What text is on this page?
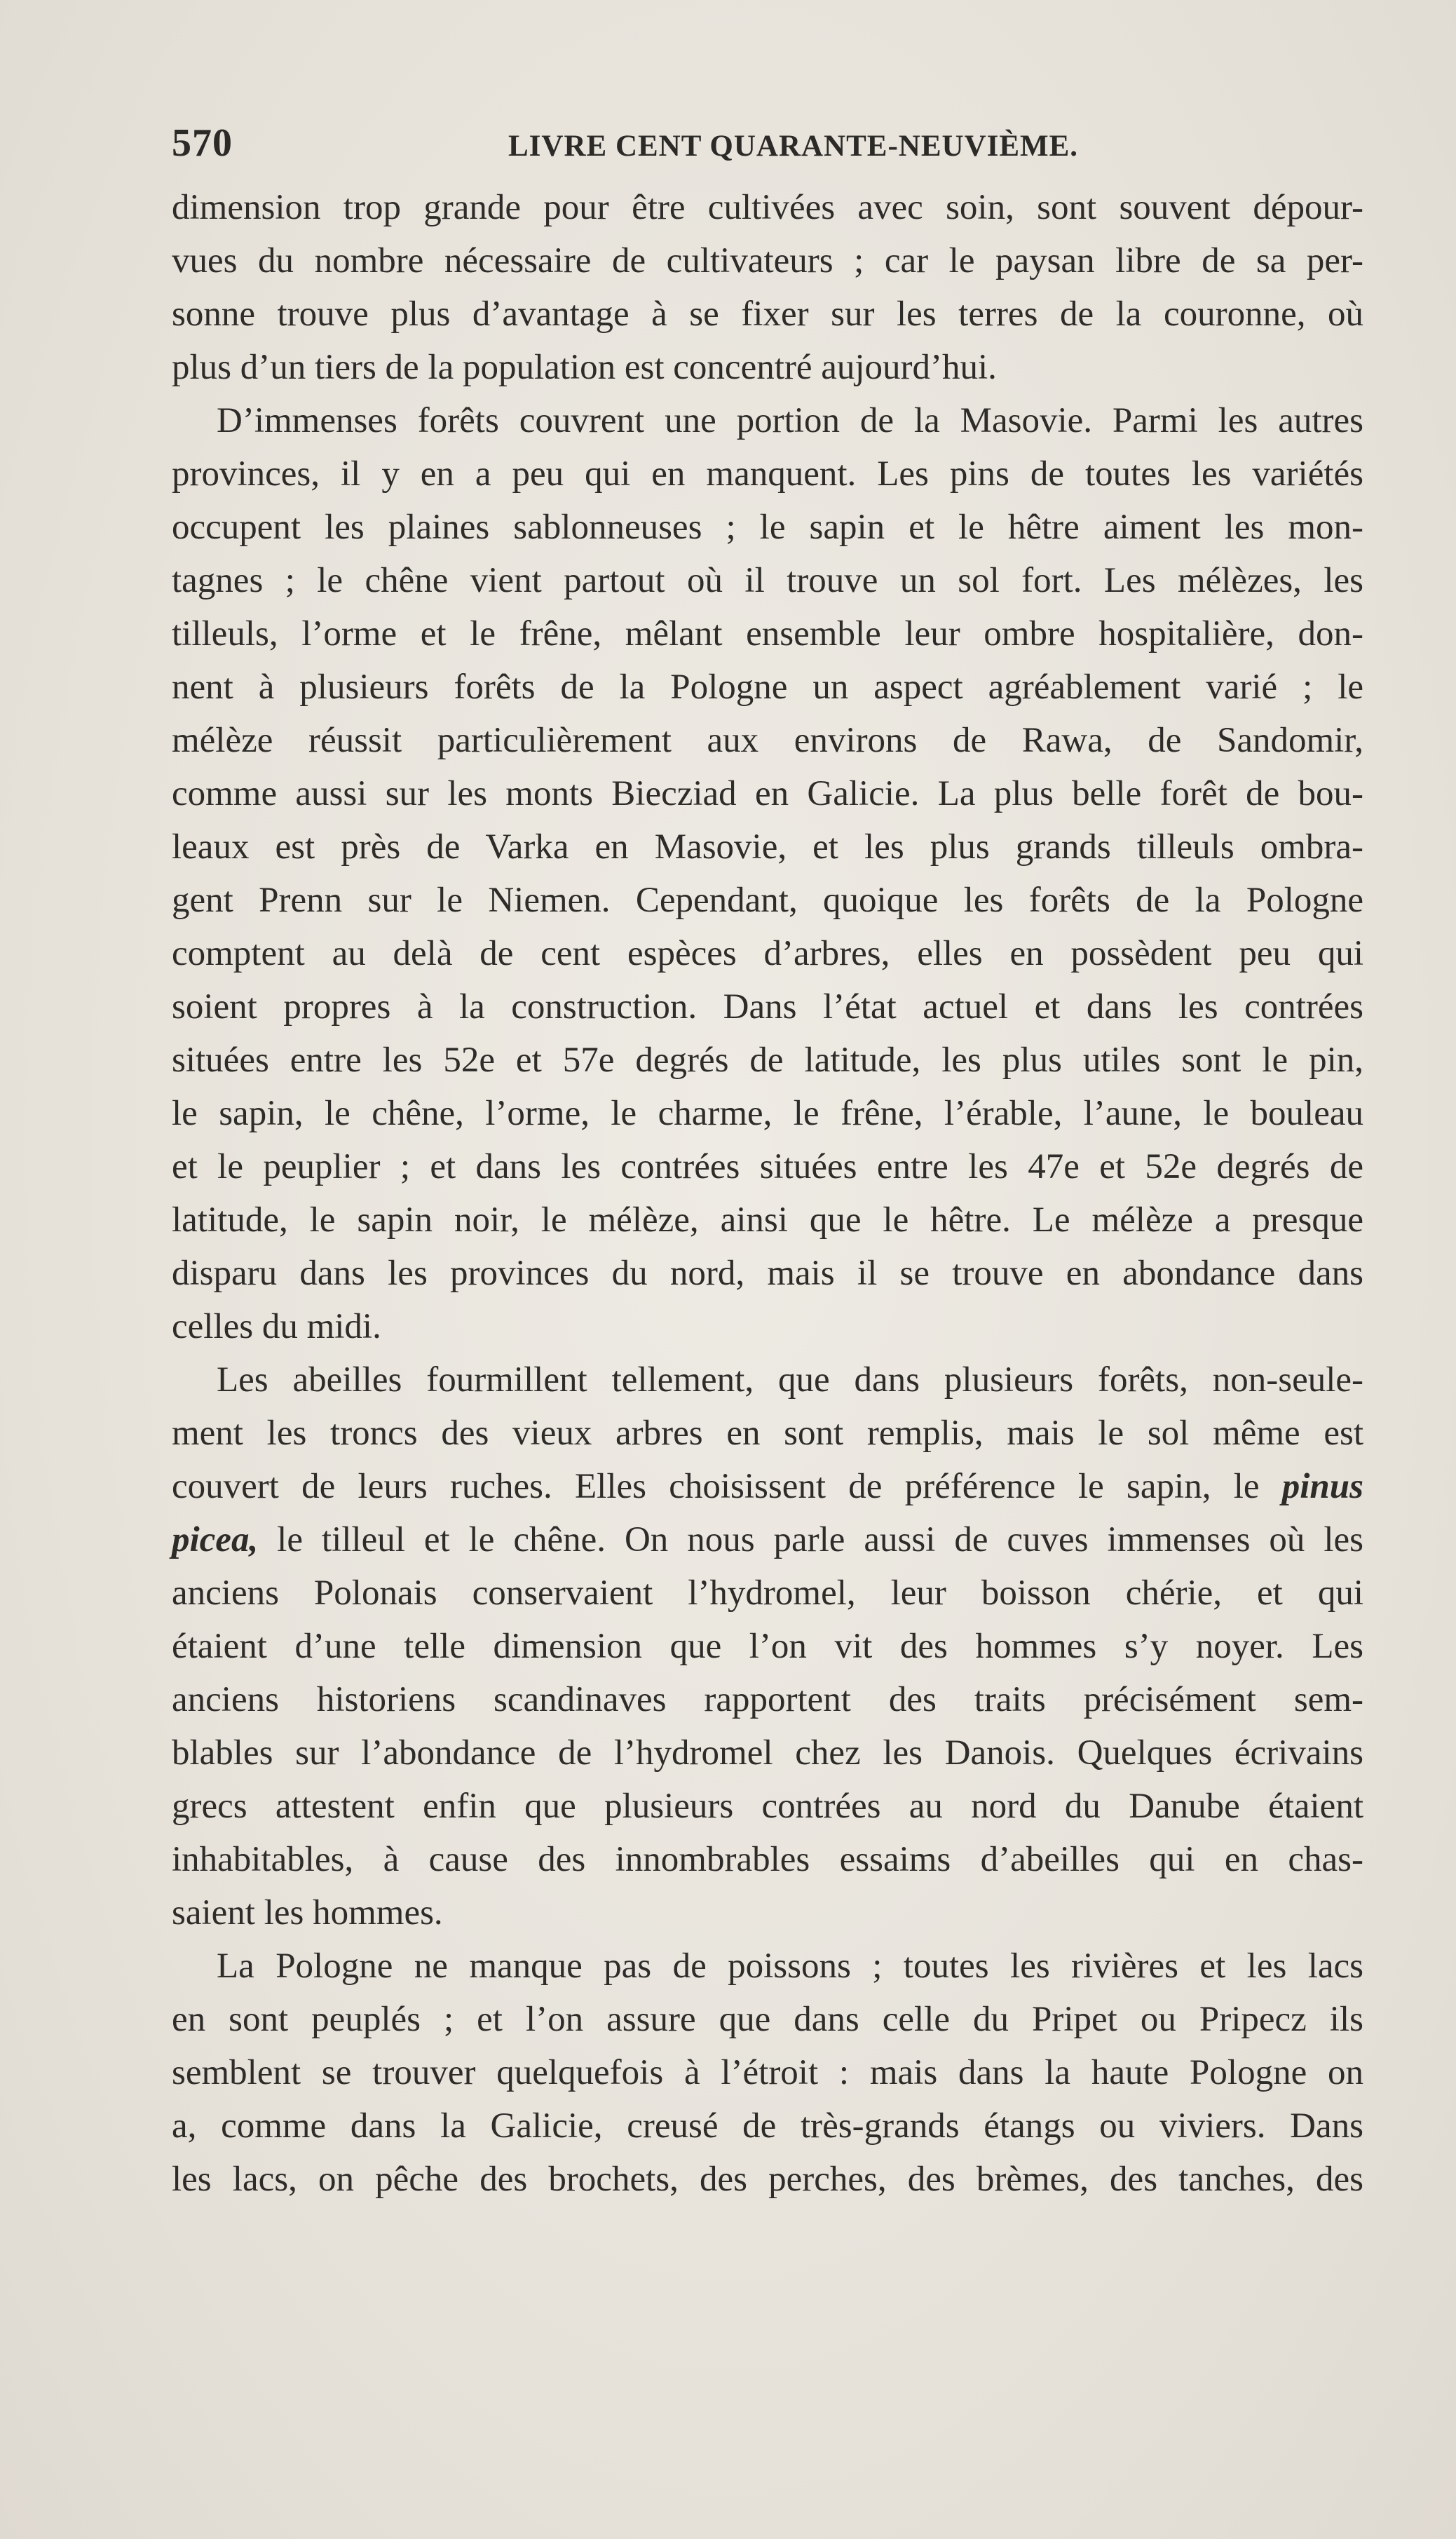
570	LIVRE CENT QUARANTE-NEUVIÈME.
dimension trop grande pour être cultivées avec soin, sont souvent dépour-
vues du nombre nécessaire de cultivateurs ; car le paysan libre de sa per-
sonne trouve plus d’avantage à se fixer sur les terres de la couronne, où
plus d’un tiers de la population est concentré aujourd’hui.
D’immenses forêts couvrent une portion de la Masovie. Parmi les autres
provinces, il y en a peu qui en manquent. Les pins de toutes les variétés
occupent les plaines sablonneuses ; le sapin et le hêtre aiment les mon-
tagnes ; le chêne vient partout où il trouve un sol fort. Les mélèzes, les
tilleuls, l’orme et le frêne, mêlant ensemble leur ombre hospitalière, don-
nent à plusieurs forêts de la Pologne un aspect agréablement varié ; le
mélèze réussit particulièrement aux environs de Rawa, de Sandomir,
comme aussi sur les monts Biecziad en Galicie. La plus belle forêt de bou-
leaux est près de Varka en Masovie, et les plus grands tilleuls ombra-
gent Prenn sur le Niemen. Cependant, quoique les forêts de la Pologne
comptent au delà de cent espèces d’arbres, elles en possèdent peu qui
soient propres à la construction. Dans l’état actuel et dans les contrées
situées entre les 52e et 57e degrés de latitude, les plus utiles sont le pin,
le sapin, le chêne, l’orme, le charme, le frêne, l’érable, l’aune, le bouleau
et le peuplier ; et dans les contrées situées entre les 47e et 52e degrés de
latitude, le sapin noir, le mélèze, ainsi que le hêtre. Le mélèze a presque
disparu dans les provinces du nord, mais il se trouve en abondance dans
celles du midi.
Les abeilles fourmillent tellement, que dans plusieurs forêts, non-seule-
ment les troncs des vieux arbres en sont remplis, mais le sol même est
couvert de leurs ruches. Elles choisissent de préférence le sapin, le pinus
picea, le tilleul et le chêne. On nous parle aussi de cuves immenses où les
anciens Polonais conservaient l’hydromel, leur boisson chérie, et qui
étaient d’une telle dimension que l’on vit des hommes s’y noyer. Les
anciens historiens scandinaves rapportent des traits précisément sem-
blables sur l’abondance de l’hydromel chez les Danois. Quelques écrivains
grecs attestent enfin que plusieurs contrées au nord du Danube étaient
inhabitables, à cause des innombrables essaims d’abeilles qui en chas-
saient les hommes.
La Pologne ne manque pas de poissons ; toutes les rivières et les lacs
en sont peuplés ; et l’on assure que dans celle du Pripet ou Pripecz ils
semblent se trouver quelquefois à l’étroit : mais dans la haute Pologne on
a, comme dans la Galicie, creusé de très-grands étangs ou viviers. Dans
les lacs, on pêche des brochets, des perches, des brèmes, des tanches, des
